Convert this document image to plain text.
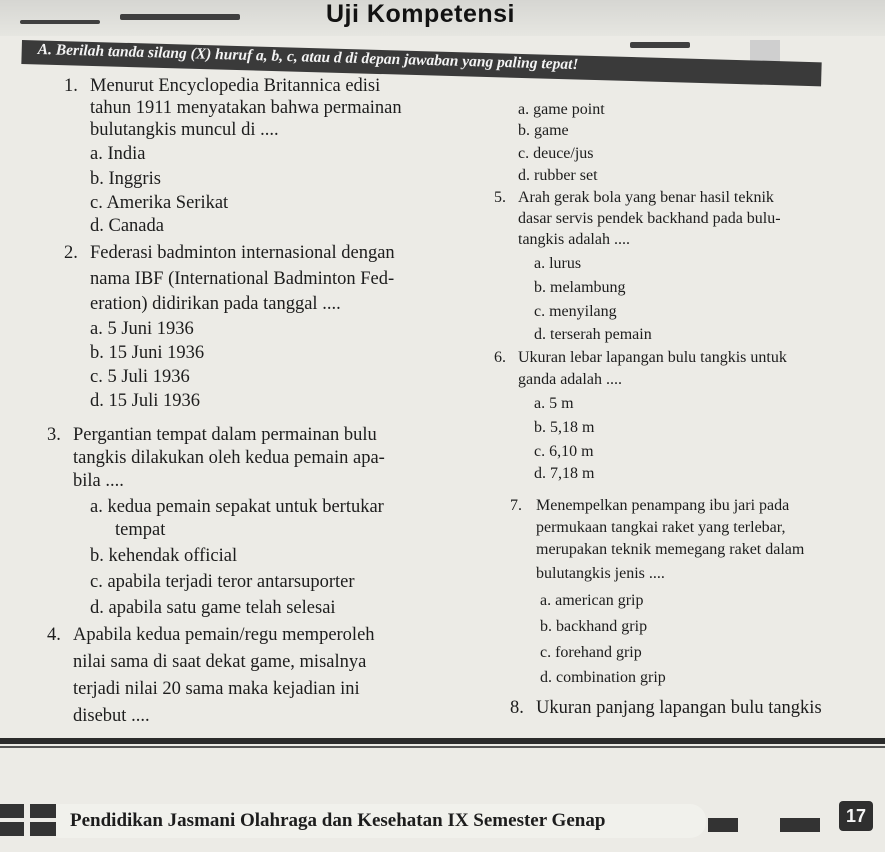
Uji Kompetensi
A. Berilah tanda silang (X) huruf a, b, c, atau d di depan jawaban yang paling tepat!
1. Menurut Encyclopedia Britannica edisi
tahun 1911 menyatakan bahwa permainan
bulutangkis muncul di ....
a. India
b. Inggris
c. Amerika Serikat
d. Canada
2. Federasi badminton internasional dengan
nama IBF (International Badminton Fed-
eration) didirikan pada tanggal ....
a. 5 Juni 1936
b. 15 Juni 1936
c. 5 Juli 1936
d. 15 Juli 1936
3. Pergantian tempat dalam permainan bulu
tangkis dilakukan oleh kedua pemain apa-
bila ....
a. kedua pemain sepakat untuk bertukar
tempat
b. kehendak official
c. apabila terjadi teror antarsuporter
d. apabila satu game telah selesai
4. Apabila kedua pemain/regu memperoleh
nilai sama di saat dekat game, misalnya
terjadi nilai 20 sama maka kejadian ini
disebut ....
a. game point
b. game
c. deuce/jus
d. rubber set
5. Arah gerak bola yang benar hasil teknik
dasar servis pendek backhand pada bulu-
tangkis adalah ....
a. lurus
b. melambung
c. menyilang
d. terserah pemain
6. Ukuran lebar lapangan bulu tangkis untuk
ganda adalah ....
a. 5 m
b. 5,18 m
c. 6,10 m
d. 7,18 m
7. Menempelkan penampang ibu jari pada
permukaan tangkai raket yang terlebar,
merupakan teknik memegang raket dalam
bulutangkis jenis ....
a. american grip
b. backhand grip
c. forehand grip
d. combination grip
8. Ukuran panjang lapangan bulu tangkis
Pendidikan Jasmani Olahraga dan Kesehatan IX Semester Genap	17
